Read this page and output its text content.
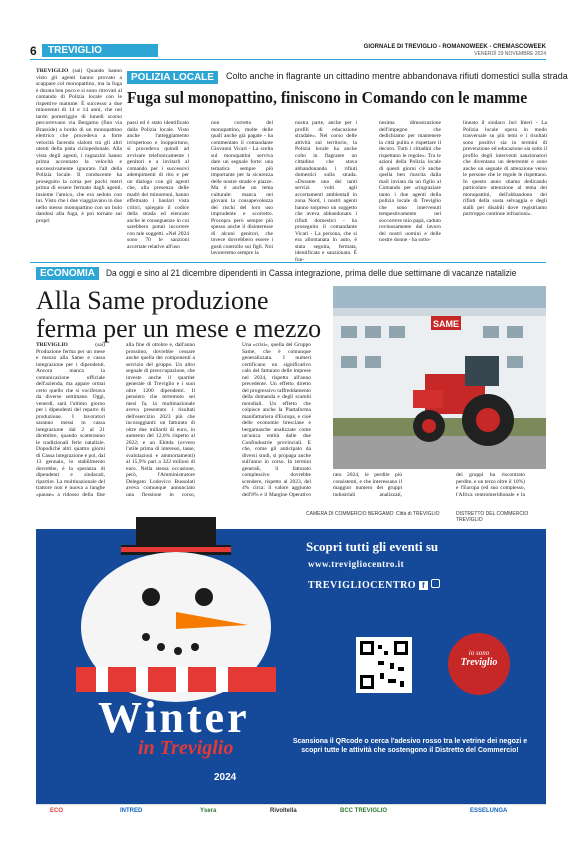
6	TREVIGLIO	GIORNALE DI TREVIGLIO - ROMANOWEEK - CREMASCOWEEK
VENERDÌ 29 NOVEMBRE 2024
TREVIGLIO (sai) Quando hanno visto gli agenti hanno provato a scappare col monopattino, ma la fuga è durata ben poco e si sono ritrovati al comando di Polizia locale con le rispettive mamme. È successo a due minorenni di 14 e 14 anni, che nel tardo pomeriggio di lunedì scorso percorrevano via Bergamo (fino via Brasside) a bordo di un monopattino elettrico che procedeva a forte velocità facendo slalom tra gli altri utenti della pista ciclopedonale. Alla vista degli agenti, i ragazzini hanno prima accennato la velocità e successivamente ignorato l'alt della Polizia locale. Il conducente ha proseguito la corsa per pochi metri prima di essere fermato dagli agenti, insieme l'amico, che era seduto con lui. Visto che i due viaggiavano in due nello stesso monopattino con un bulo dandosi alla fuga, è poi tornato sui propri
POLIZIA LOCALE	Colto anche in flagrante un cittadino mentre abbandonava rifiuti domestici sulla strada
Fuga sul monopattino, finiscono in Comando con le mamme
passi ed è stato identificato dalla Polizia locale. Visto anche l'atteggiamento irrispettoso e inopportuno, si procedeva quindi ad avvisare telefonicamente i genitori e a invitarli al comando per i successivi adempimenti di rito e per un dialogo con gli agenti che, alla presenza delle madri dei minorenni, hanno effettuato i baulari vista critici, spiegato il codice della strada ed elencato anche le conseguenze in cui sarebbero potuti incorrere con tale soggetti. «Nel 2024 sono 70 le sanzioni accertate relative all'uso
non corretto del monopattino, molte delle quali anche già pagate - ha commentato il comandante Giovanni Vicari - La scelta sul monopattini serviva dare un segnale forte: una tematica sempre più importante per la sicurezza delle nostre strade e piazze. Ma è anche un tema culturale: manca nei giovani la consapevolezza dei rischi del loro uso imprudente e scorretto. Procepra però sempre più spesso anche il disinteresse di alcuni genitori, che invece dovrebbero essere i gusti controllo sui figli. Noi lavoreremo sempre la
nostra parte, anche per i profili di educazione stradale». Nel corso delle attività sul territorio, la Polizia locale ha anche colto in flagrante un cittadino che stava abbandonando i rifiuti domestici sulla strada. «Durante uno dei tanti servizi volti agli accertamenti ambientali in zona Nord, i nostri agenti hanno sorpreso un soggetto che aveva abbandonato i rifiuti domestici - ha proseguito il comandante Vicari - La persona, che si era allontanata in auto, è stata seguita, fermata, identificata e sanzionata. È fon-
nesima dimostrazione dell'impegno che dedichiamo per mantenere la città pulita e rispettare il decoro. Tutti i cittadini che rispettano le regole». Tra le azioni della Polizia locale di questi giorni c'è anche quella ben riuscita dalla mail inviata da un figlio al Comando per «ringraziare tanto i due agenti della polizia locale di Treviglio che sono intervenuti tempestivamente nel soccorrere mio papà, caduto rovinosamente dal lavoro dei nostri uomini e delle nostre donne - ha sotto-
lineato il sindaco Juri Imeri - La Polizia locale opera in modo trasversale su più temi e i risultati sono positivi sia in termini di prevenzione ed educazione sia sotto il profilo degli interventi sanzionatori che diventano un deterrente e sono anche un segnale di attenzione verso le persone che le regole le rispettano. In questo anno stiamo dedicando particolare attenzione al tema dei monopattini, dell'abbandono dei rifiuti della sosta selvaggia e degli stalli per disabili dove registriamo purtroppo continue infrazioni».
ECONOMIA	Da oggi e sino al 21 dicembre dipendenti in Cassa integrazione, prima delle due settimane di vacanze natalizie
Alla Same produzione ferma per un mese e mezzo	SAME
TREVIGLIO	(sai) Produzione ferma per un mese e mezzo alla Same e cassa integrazione per i dipendenti. Ancora manca la comunicazione ufficiale dell'azienda, ma appare ormai certo quello che si vociferava da diverse settimane. Oggi, venerdì, sarà l'ultimo giorno per i dipendenti del reparto di produzione. I lavoratori saranno messi in cassa integrazione dal 2 al 21 dicembre, quando scatteranno le tradizionali ferie natalizie. Dopodiché altri quattro giorni di Cassa integrazione e poi, dal 13 gennaio, lo stabilimento dovrebbe, è la speranza di dipendenti e sindacati, ripartire. La multinazionale del trattore non è nuova a lunghe «pause» a ridosso della fine
alla fine di ottobre e, dall'anno prossimo, dovrebbe cessare anche quella dei componenti a servizio del gruppo. Un altro segnale di preoccupazione, che investe anche il quartier generale di Treviglio e i suoi oltre 1200 dipendenti. Il pensiero che terremoto sei mesi fa, la multinazionale aveva presentato i risultati dell'esercizio 2023 più che incoraggianti: un fatturato di oltre due miliardi di euro, in aumento del 12,6% rispetto al 2022; e un Ebitda (ovvero l'utile prima di interessi, tasse, svalutazioni e ammortamenti) al 15,9% pari a 322 milioni di euro. Nella stessa occasione, però, l'Amministratore Delegato Lodovico Bussolati aveva comunque annunciato una flessione in corso,
Una «crisi», quella del Gruppo Same, che è comunque generalizzata. I numeri certificano un significativo calo del fatturato delle imprese nel 2024, rispetto all'anno precedente. Un effetto diretto del progressivo raffreddamento della domanda e degli scambi mondiali. Un effetto che colpisce anche la Piattaforma manifatturiera d'Europa, e cioè delle economie bresciane e bergamasche analizzate come un'unica entità dalle due Confindustrie provinciali. E che, come gli anticipato da diversi studi, si propaga anche sull'anno in corso. In termini generali, il fatturato complessivo dovrebbe scendere, rispetto al 2023, del 4% circa: il valore aggiunto dell'8% e il Margine Operativo
rato 2024, le perdite più consistenti, e che interessano il maggior numero dei gruppi industriali analizzati,
dei gruppi ha riscontrato perdite, e un terzo oltre il 10%) e l'Europa (ed suo complesso, l'Africa centromeridionale e la
CAMERA DI COMMERCIO BERGAMO Città di TREVIGLIO	DISTRETTO DEL COMMERCIO TREVIGLIO
Scopri tutti gli eventi su
www.trevigliocentro.it
TREVIGLIOCENTRO f
Winter
in Treviglio
2024
io sono
Treviglio
Scansiona il QRcode o cerca l'adesivo rosso tra le vetrine dei negozi e scopri tutte le attività che sostengono il Distretto del Commercio!
ECO	INTRED	Ysera	Rivoltella	BCC TREVIGLIO	ESSELUNGA
